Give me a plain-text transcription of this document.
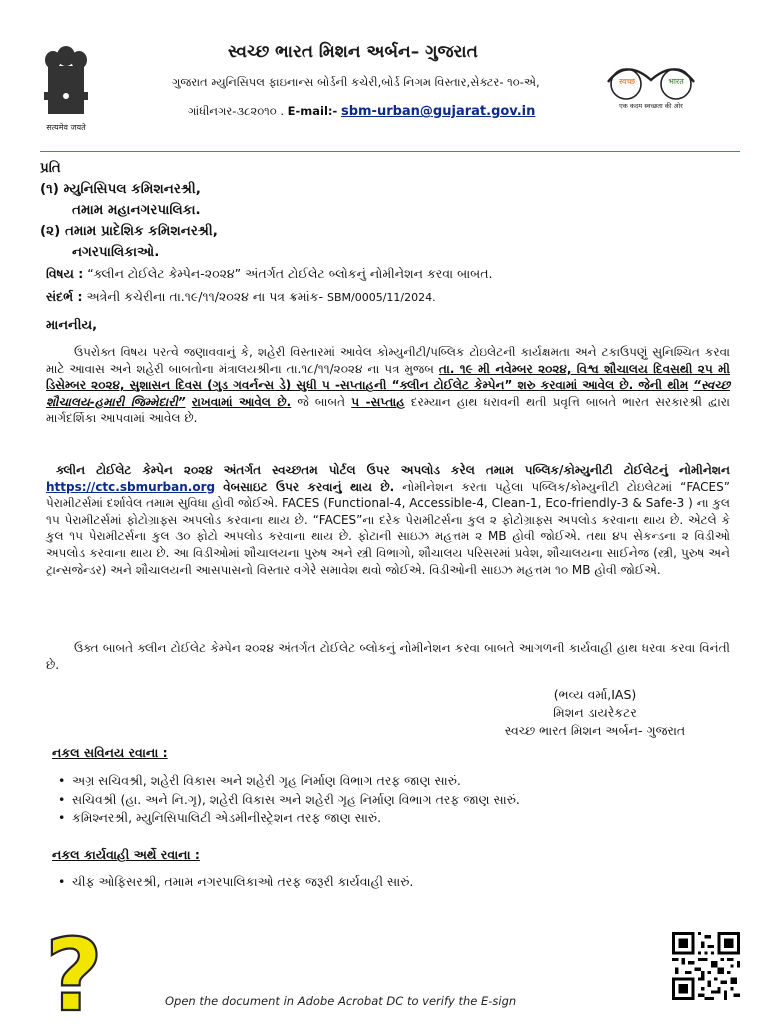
सत्यमेव जयते
સ્વચ્છ ભારત મિશન અર્બન– ગુજરાત
ગુજરાત મ્યુનિસિપલ ફાઇનાન્સ બોર્ડની કચેરી,બોર્ડ નિગમ વિસ્તાર,સેક્ટર- ૧૦-એ,
ગાંધીનગર-૩૮૨૦૧૦ . E-mail:- sbm-urban@gujarat.gov.in
स्वच्छ	भारत
एक कदम स्वच्छता की ओर
પ્રતિ
(૧) મ્યુનિસિપલ કમિશનરશ્રી,
તમામ મહાનગરપાલિકા.
(૨) તમામ પ્રાદેશિક કમિશનરશ્રી,
નગરપાલિકાઓ.
વિષય : “ક્લીન ટોઈલેટ કેમ્પેન-૨૦૨૪” અંતર્ગત ટોઈલેટ બ્લોકનું નોમીનેશન કરવા બાબત.
સંદર્ભ : અત્રેની કચેરીના તા.૧૯/૧૧/૨૦૨૪ ના પત્ર ક્રમાંક- SBM/0005/11/2024.
માનનીય,
ઉપરોક્ત વિષય પરત્વે જણાવવાનું કે, શહેરી વિસ્તારમાં આવેલ કોમ્યુનીટી/પબ્લિક ટોઇલેટની કાર્યક્ષમતા અને ટકાઉપણું સુનિશ્ચિત કરવા માટે આવાસ અને શહેરી બાબતોના મંત્રાલયશ્રીના તા.૧૮/૧૧/૨૦૨૪ ના પત્ર મુજબ તા. ૧૯ મી નવેમ્બર ૨૦૨૪, વિશ્વ શૌચાલય દિવસથી ૨૫ મી ડિસેમ્બર ૨૦૨૪, સુશાસન દિવસ (ગુડ ગવર્નન્સ ડે) સુધી ૫ -સપ્તાહની “ક્લીન ટોઈલેટ કેમ્પેન” શરુ કરવામાં આવેલ છે. જેની થીમ “સ્વચ્છ શૌચાલય-હમારી જિમ્મેદારી” રાખવામાં આવેલ છે. જે બાબતે ૫ -સપ્તાહ દરમ્યાન હાથ ધરાવની થતી પ્રવૃત્તિ બાબતે ભારત સરકારશ્રી દ્વારા માર્ગદર્શિકા આપવામાં આવેલ છે.
ક્લીન ટોઈલેટ કેમ્પેન ૨૦૨૪ અંતર્ગત સ્વચ્છતમ પોર્ટલ ઉપર અપલોડ કરેલ તમામ પબ્લિક/કોમ્યુનીટી ટોઈલેટનું નોમીનેશન https://ctc.sbmurban.org વેબસાઇટ ઉપર કરવાનું થાય છે. નોમીનેશન કરતા પહેલા પબ્લિક/કોમ્યુનીટી ટોઇલેટમાં “FACES” પેરામીટર્સમાં દર્શાવેલ તમામ સુવિધા હોવી જોઈએ. FACES (Functional-4, Accessible-4, Clean-1, Eco-friendly-3 & Safe-3 ) ના કુલ ૧૫ પેરામીટર્સમાં ફોટોગ્રાફ્સ અપલોડ કરવાના થાય છે. “FACES”ના દરેક પેરામીટર્સના કુલ ૨ ફોટોગ્રાફ્સ અપલોડ કરવાના થાય છે. એટલે કે કુલ ૧૫ પેરામીટર્સના કુલ ૩૦ ફોટો અપલોડ કરવાના થાય છે. ફોટાની સાઇઝ મહત્તમ ૨ MB હોવી જોઈએ. તથા ૪૫ સેકન્ડના ૨ વિડીઓ અપલોડ કરવાના થાય છે. આ વિડીઓમાં શૌચાલયના પુરુષ અને સ્ત્રી વિભાગો, શૌચાલય પરિસરમાં પ્રવેશ, શૌચાલયના સાઈનેજ (સ્ત્રી, પુરુષ અને ટ્રાન્સજેન્ડર) અને શૌચાલયની આસપાસનો વિસ્તાર વગેરે સમાવેશ થવો જોઈએ. વિડીઓની સાઇઝ મહત્તમ ૧૦ MB હોવી જોઈએ.
ઉક્ત બાબતે ક્લીન ટોઈલેટ કેમ્પેન ૨૦૨૪ અંતર્ગત ટોઈલેટ બ્લોકનું નોમીનેશન કરવા બાબતે આગળની કાર્યવાહી હાથ ધરવા કરવા વિનંતી છે.
(ભવ્ય વર્મા,IAS)
મિશન ડાયરેકટર
સ્વચ્છ ભારત મિશન અર્બન- ગુજરાત
નકલ સવિનય રવાના :
• અગ્ર સચિવશ્રી, શહેરી વિકાસ અને શહેરી ગૃહ નિર્માણ વિભાગ તરફ જાણ સારું.
• સચિવશ્રી (હા. અને નિ.ગૃ), શહેરી વિકાસ અને શહેરી ગૃહ નિર્માણ વિભાગ તરફ જાણ સારું.
• કમિશ્નરશ્રી, મ્યુનિસિપાલિટી એડમીનીસ્ટ્રેશન તરફ જાણ સારું.
નકલ કાર્યવાહી અર્થે રવાના :
• ચીફ ઓફિસરશ્રી, તમામ નગરપાલિકાઓ તરફ જરૂરી કાર્યવાહી સારું.
?	Open the document in Adobe Acrobat DC to verify the E-sign
